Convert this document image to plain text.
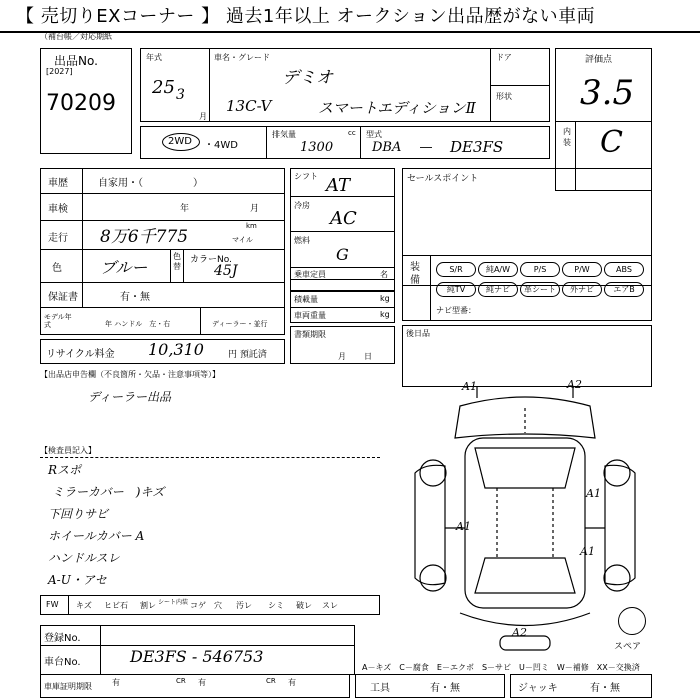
【 売切りEXコーナー 】 過去1年以上 オークション出品歴がない車両
（補台帳／対応期紙
出品No.
[2027]
70209
年式
25 3
月
車名・グレード
デミオ
13C-V	スマートエディションⅡ
ドア
形状
評価点
3.5
内装 C
2WD ・4WD
排気量	cc
1300
型式
DBA ― DE3FS
車歴	自家用・（　　　　　）
車検	年	月
走行 8万6千775
km
マイル
色 ブルー
色替
カラーNo.
45J
保証書	有・無
モデル年式	年 ハンドル　左・右	ディーラー・並行
リサイクル料金 10,310	円 預託済
シフト AT
冷房
AC
燃料
G
乗車定員	名
積載量	kg
車両重量	kg
書類期限
月日
セールスポイント
装備
S/R	純A/W	P/S	P/W	ABS
純TV	純ナビ	革シート	外ナビ	エアB
ナビ型番：
後日品
【出品店申告欄（不良箇所・欠品・注意事項等）】
ディーラー出品
【検査員記入】
Rスポ
ミラーカバー　)キズ
下回りサビ
ホイールカバー A
ハンドルスレ
A-U・アセ
A1	A2
A1
A1
A1
A2
スペア
FW キズ ヒビ石 割レ シート内装 コゲ 穴 汚レ シミ 破レ スレ
登録No.
車台No.	DE3FS - 546753
A－キズ　C－腐食　E－エクボ　S－サビ　U－凹ミ　W－補修　XX－交換済
車庫証明期限	有	CR 有	CR 有
工具	有・無	ジャッキ	有・無
